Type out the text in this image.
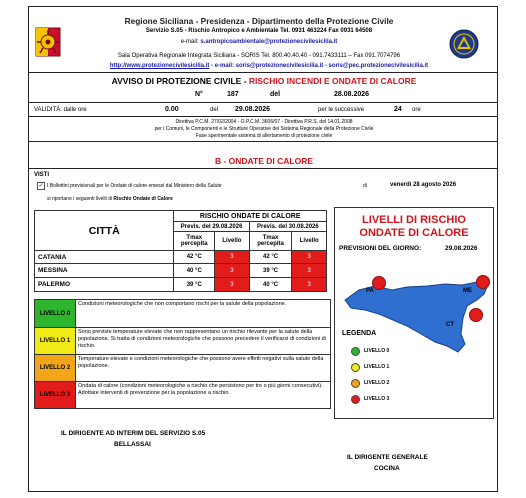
Regione Siciliana - Presidenza - Dipartimento della Protezione Civile
Servizio S.05 - Rischio Antropico e Ambientale Tel. 0931 463224 Fax 0931 64508
e-mail: s.antropicoambientale@protezionecivilesicilia.it
Sala Operativa Regionale Integrata Siciliana - SORIS Tel. 800.40.40.40 - 091.7433111 – Fax 091.7074796
http://www.protezionecivilesicilia.it - e-mail: soris@protezionecivilesicilia.it - soris@pec.protezionecivilesicilia.it
AVVISO DI PROTEZIONE CIVILE - RISCHIO INCENDI E ONDATE DI CALORE
N°	187	del	28.08.2026
VALIDITÀ: dalle ore	0.00	del 29.08.2026	per le successive	24 ore
Direttiva P.C.M. 27/02/2004 - O.P.C.M. 3606/07 - Direttiva P.R.S. del 14.01.2008
per i Comuni, le Componenti e le Strutture Operative del Sistema Regionale della Protezione Civile
Fase sperimentale sistema di allertamento di protezione civile
B - ONDATE DI CALORE
VISTI
✓ I Bollettini previsionali per le Ondate di calore emessi dal Ministero della Salute	di	venerdì 28 agosto 2026
si riportano i seguenti livelli di Rischio Ondate di Calore
CITTÀ	RISCHIO ONDATE DI CALORE			
	Previs. del 29.08.2026		Previs. del 30.08.2026	
	Tmax percepita	Livello	Tmax percepita	Livello
CATANIA	42 °C	3	42 °C	3
MESSINA	40 °C	3	39 °C	3
PALERMO	39 °C	3	40 °C	3
LIVELLO 0	Condizioni meteorologiche che non comportano rischi per la salute della popolazione.
LIVELLO 1	Sono previste temperature elevate che non rappresentano un rischio rilevante per la salute della popolazione. Si tratta di condizioni meteorologiche che possono precedere il verificarsi di condizioni di rischio.
LIVELLO 2	Temperature elevate e condizioni meteorologiche che possono avere effetti negativi sulla salute della popolazione.
LIVELLO 3	Ondata di calore (condizioni meteorologiche a rischio che persistono per tre o più giorni consecutivi). Adottare interventi di prevenzione per la popolazione a rischio.
LIVELLI DI RISCHIO
ONDATE DI CALORE
PREVISIONI DEL GIORNO:	29.08.2026
PA	ME
CT
LEGENDA
LIVELLO 0
LIVELLO 1
LIVELLO 2
LIVELLO 3
IL DIRIGENTE AD INTERIM DEL SERVIZIO S.05
BELLASSAI
IL DIRIGENTE GENERALE
COCINA
